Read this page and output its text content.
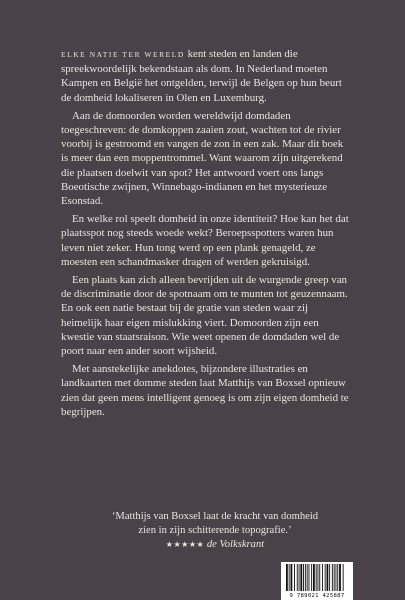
ELKE NATIE TER WERELD kent steden en landen die spreekwoordelijk bekendstaan als dom. In Nederland moeten Kampen en België het ontgelden, terwijl de Belgen op hun beurt de domheid lokaliseren in Olen en Luxemburg.

Aan de domoorden worden wereldwijd domdaden toegeschreven: de domkoppen zaaien zout, wachten tot de rivier voorbij is gestroomd en vangen de zon in een zak. Maar dit boek is meer dan een moppentrommel. Want waarom zijn uitgerekend die plaatsen doelwit van spot? Het antwoord voert ons langs Boeotische zwijnen, Winnebago-indianen en het mysterieuze Esonstad.

En welke rol speelt domheid in onze identiteit? Hoe kan het dat plaatsspot nog steeds woede wekt? Beroepsspotters waren hun leven niet zeker. Hun tong werd op een plank genageld, ze moesten een schandmasker dragen of werden gekruisigd.

Een plaats kan zich alleen bevrijden uit de wurgende greep van de discriminatie door de spotnaam om te munten tot geuzennaam. En ook een natie bestaat bij de gratie van steden waar zij heimelijk haar eigen mislukking viert. Domoorden zijn een kwestie van staatsraison. Wie weet openen de domdaden wel de poort naar een ander soort wijsheid.

Met aanstekelijke anekdotes, bijzondere illustraties en landkaarten met domme steden laat Matthijs van Boxsel opnieuw zien dat geen mens intelligent genoeg is om zijn eigen domheid te begrijpen.

‘Matthijs van Boxsel laat de kracht van domheid
zien in zijn schitterende topografie.’
★★★★★ de Volkskrant
9 789021 425887
